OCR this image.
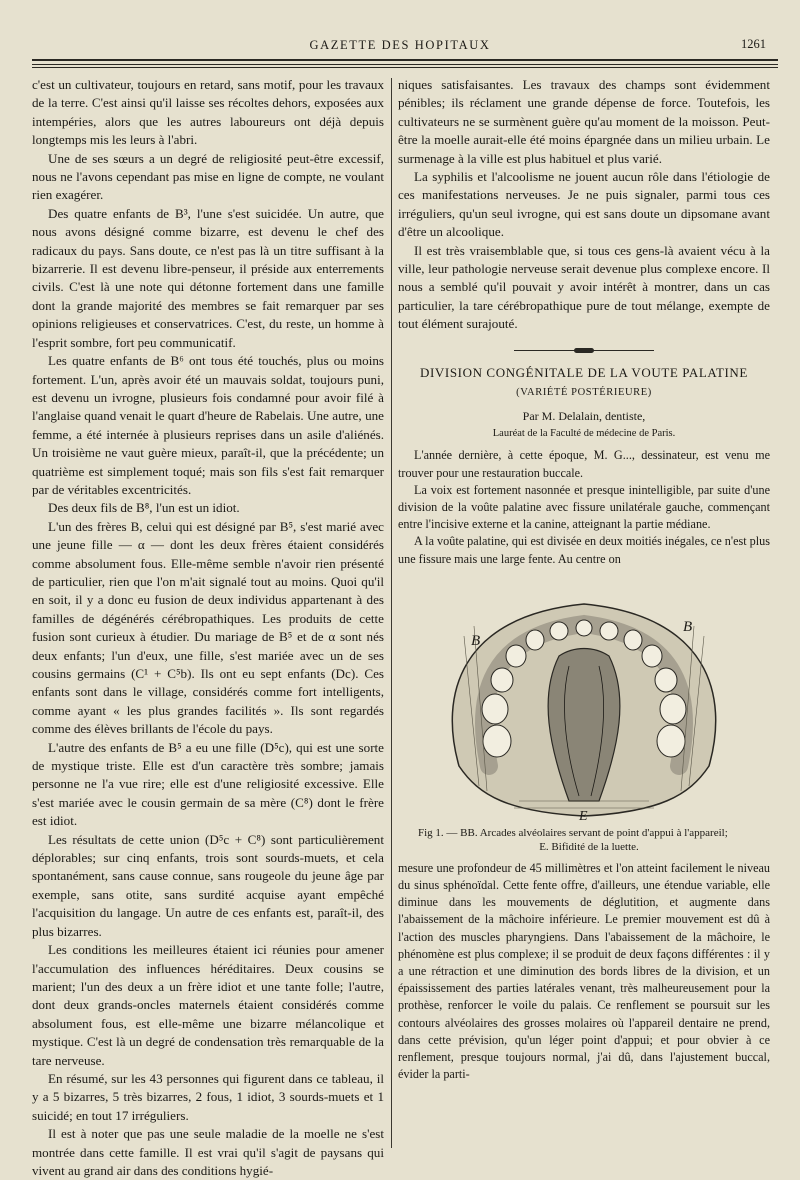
GAZETTE DES HOPITAUX	1261

c'est un cultivateur, toujours en retard, sans motif, pour les travaux de la terre. C'est ainsi qu'il laisse ses récoltes dehors, exposées aux intempéries, alors que les autres laboureurs ont déjà depuis longtemps mis les leurs à l'abri.

Une de ses sœurs a un degré de religiosité peut-être excessif, nous ne l'avons cependant pas mise en ligne de compte, ne voulant rien exagérer.

Des quatre enfants de B³, l'une s'est suicidée. Un autre, que nous avons désigné comme bizarre, est devenu le chef des radicaux du pays. Sans doute, ce n'est pas là un titre suffisant à la bizarrerie. Il est devenu libre-penseur, il préside aux enterrements civils. C'est là une note qui détonne fortement dans une famille dont la grande majorité des membres se fait remarquer par ses opinions religieuses et conservatrices. C'est, du reste, un homme à l'esprit sombre, fort peu communicatif.

Les quatre enfants de B⁶ ont tous été touchés, plus ou moins fortement. L'un, après avoir été un mauvais soldat, toujours puni, est devenu un ivrogne, plusieurs fois condamné pour avoir filé à l'anglaise quand venait le quart d'heure de Rabelais. Une autre, une femme, a été internée à plusieurs reprises dans un asile d'aliénés. Un troisième ne vaut guère mieux, paraît-il, que la précédente; un quatrième est simplement toqué; mais son fils s'est fait remarquer par de véritables excentricités.

Des deux fils de B⁸, l'un est un idiot.

L'un des frères B, celui qui est désigné par B⁵, s'est marié avec une jeune fille — α — dont les deux frères étaient considérés comme absolument fous. Elle-même semble n'avoir rien présenté de particulier, rien que l'on m'ait signalé tout au moins. Quoi qu'il en soit, il y a donc eu fusion de deux individus appartenant à des familles de dégénérés cérébropathiques. Les produits de cette fusion sont curieux à étudier. Du mariage de B⁵ et de α sont nés deux enfants; l'un d'eux, une fille, s'est mariée avec un de ses cousins germains (C¹ + C⁵b). Ils ont eu sept enfants (Dc). Ces enfants sont dans le village, considérés comme fort intelligents, comme ayant « les plus grandes facilités ». Ils sont regardés comme des élèves brillants de l'école du pays.

L'autre des enfants de B⁵ a eu une fille (D⁵c), qui est une sorte de mystique triste. Elle est d'un caractère très sombre; jamais personne ne l'a vue rire; elle est d'une religiosité excessive. Elle s'est mariée avec le cousin germain de sa mère (C⁸) dont le frère est idiot.

Les résultats de cette union (D⁵c + C⁸) sont particulièrement déplorables; sur cinq enfants, trois sont sourds-muets, et cela spontanément, sans cause connue, sans rougeole du jeune âge par exemple, sans otite, sans surdité acquise ayant empêché l'acquisition du langage. Un autre de ces enfants est, paraît-il, des plus bizarres.

Les conditions les meilleures étaient ici réunies pour amener l'accumulation des influences héréditaires. Deux cousins se marient; l'un des deux a un frère idiot et une tante folle; l'autre, dont deux grands-oncles maternels étaient considérés comme absolument fous, est elle-même une bizarre mélancolique et mystique. C'est là un degré de condensation très remarquable de la tare nerveuse.

En résumé, sur les 43 personnes qui figurent dans ce tableau, il y a 5 bizarres, 5 très bizarres, 2 fous, 1 idiot, 3 sourds-muets et 1 suicidé; en tout 17 irréguliers.

Il est à noter que pas une seule maladie de la moelle ne s'est montrée dans cette famille. Il est vrai qu'il s'agit de paysans qui vivent au grand air dans des conditions hygié-

niques satisfaisantes. Les travaux des champs sont évidemment pénibles; ils réclament une grande dépense de force. Toutefois, les cultivateurs ne se surmènent guère qu'au moment de la moisson. Peut-être la moelle aurait-elle été moins épargnée dans un milieu urbain. Le surmenage à la ville est plus habituel et plus varié.

La syphilis et l'alcoolisme ne jouent aucun rôle dans l'étiologie de ces manifestations nerveuses. Je ne puis signaler, parmi tous ces irréguliers, qu'un seul ivrogne, qui est sans doute un dipsomane avant d'être un alcoolique.

Il est très vraisemblable que, si tous ces gens-là avaient vécu à la ville, leur pathologie nerveuse serait devenue plus complexe encore. Il nous a semblé qu'il pouvait y avoir intérêt à montrer, dans un cas particulier, la tare cérébropathique pure de tout mélange, exempte de tout élément surajouté.

DIVISION CONGÉNITALE DE LA VOUTE PALATINE
(VARIÉTÉ POSTÉRIEURE)
Par M. Delalain, dentiste,
Lauréat de la Faculté de médecine de Paris.

L'année dernière, à cette époque, M. G..., dessinateur, est venu me trouver pour une restauration buccale.

La voix est fortement nasonnée et presque inintelligible, par suite d'une division de la voûte palatine avec fissure unilatérale gauche, commençant entre l'incisive externe et la canine, atteignant la partie médiane.

A la voûte palatine, qui est divisée en deux moitiés inégales, ce n'est plus une fissure mais une large fente. Au centre on

B
B
E
Fig 1. — BB. Arcades alvéolaires servant de point d'appui à l'appareil;
E. Bifidité de la luette.

mesure une profondeur de 45 millimètres et l'on atteint facilement le niveau du sinus sphénoïdal. Cette fente offre, d'ailleurs, une étendue variable, elle diminue dans les mouvements de déglutition, et augmente dans l'abaissement de la mâchoire inférieure. Le premier mouvement est dû à l'action des muscles pharyngiens. Dans l'abaissement de la mâchoire, le phénomène est plus complexe; il se produit de deux façons différentes : il y a une rétraction et une diminution des bords libres de la division, et un épaississement des parties latérales venant, très malheureusement pour la prothèse, renforcer le voile du palais. Ce renflement se poursuit sur les contours alvéolaires des grosses molaires où l'appareil dentaire ne prend, dans cette prévision, qu'un léger point d'appui; et pour obvier à ce renflement, presque toujours normal, j'ai dû, dans l'ajustement buccal, évider la parti-
